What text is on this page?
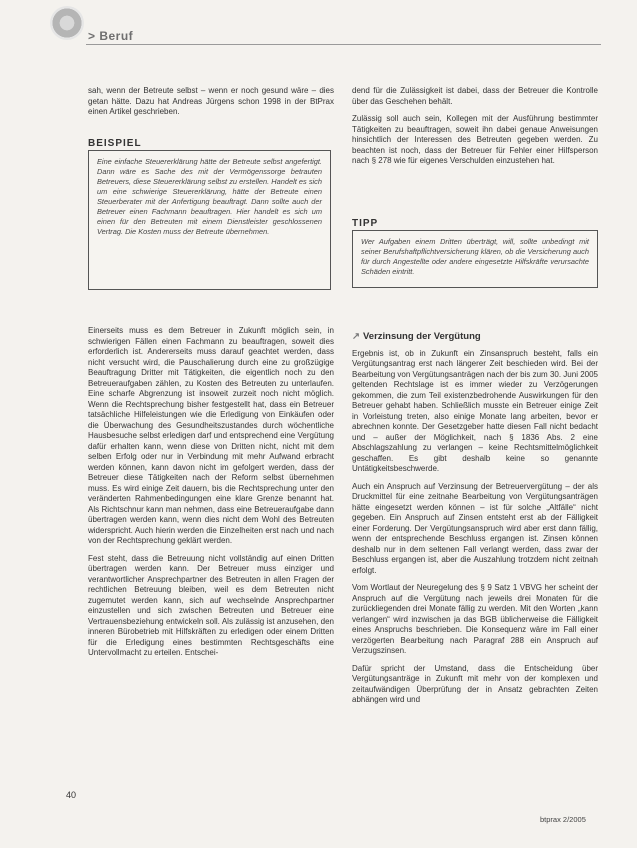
> Beruf

sah, wenn der Betreute selbst – wenn er noch gesund wäre – dies getan hätte. Dazu hat Andreas Jürgens schon 1998 in der BtPrax einen Artikel geschrieben.

BEISPIEL
Eine einfache Steuererklärung hätte der Betreute selbst angefertigt. Dann wäre es Sache des mit der Vermögenssorge betrauten Betreuers, diese Steuererklärung selbst zu erstellen. Handelt es sich um eine schwierige Steuererklärung, hätte der Betreute einen Steuerberater mit der Anfertigung beauftragt. Dann sollte auch der Betreuer einen Fachmann beauftragen. Hier handelt es sich um einen für den Betreuten mit einem Dienstleister geschlossenen Vertrag. Die Kosten muss der Betreute übernehmen.

Einerseits muss es dem Betreuer in Zukunft möglich sein, in schwierigen Fällen einen Fachmann zu beauftragen, soweit dies erforderlich ist. Andererseits muss darauf geachtet werden, dass nicht versucht wird, die Pauschalierung durch eine zu großzügige Beauftragung Dritter mit Tätigkeiten, die eigentlich noch zu den Betreueraufgaben zählen, zu Kosten des Betreuten zu unterlaufen. Eine scharfe Abgrenzung ist insoweit zurzeit noch nicht möglich. Wenn die Rechtsprechung bisher festgestellt hat, dass ein Betreuer tatsächliche Hilfeleistungen wie die Erledigung von Einkäufen oder die Überwachung des Gesundheitszustandes durch wöchentliche Hausbesuche selbst erledigen darf und entsprechend eine Vergütung dafür erhalten kann, wenn diese von Dritten nicht, nicht mit dem selben Erfolg oder nur in Verbindung mit mehr Aufwand erbracht werden können, kann davon nicht im gefolgert werden, dass der Betreuer diese Tätigkeiten nach der Reform selbst übernehmen muss. Es wird einige Zeit dauern, bis die Rechtsprechung unter den veränderten Rahmenbedingungen eine klare Grenze benannt hat. Als Richtschnur kann man nehmen, dass eine Betreueraufgabe dann übertragen werden kann, wenn dies nicht dem Wohl des Betreuten widerspricht. Auch hierin werden die Einzelheiten erst nach und nach von der Rechtsprechung geklärt werden.

Fest steht, dass die Betreuung nicht vollständig auf einen Dritten übertragen werden kann. Der Betreuer muss einziger und verantwortlicher Ansprechpartner des Betreuten in allen Fragen der rechtlichen Betreuung bleiben, weil es dem Betreuten nicht zugemutet werden kann, sich auf wechselnde Ansprechpartner einzustellen und sich zwischen Betreuten und Betreuer eine Vertrauensbeziehung entwickeln soll. Als zulässig ist anzusehen, den inneren Bürobetrieb mit Hilfskräften zu erledigen oder einem Dritten für die Erledigung eines bestimmten Rechtsgeschäfts eine Untervollmacht zu erteilen. Entschei-

dend für die Zulässigkeit ist dabei, dass der Betreuer die Kontrolle über das Geschehen behält.

Zulässig soll auch sein, Kollegen mit der Ausführung bestimmter Tätigkeiten zu beauftragen, soweit ihn dabei genaue Anweisungen hinsichtlich der Interessen des Betreuten gegeben werden. Zu beachten ist noch, dass der Betreuer für Fehler einer Hilfsperson nach § 278 wie für eigenes Verschulden einzustehen hat.

TIPP
Wer Aufgaben einem Dritten überträgt, will, sollte unbedingt mit seiner Berufshaftpflichtversicherung klären, ob die Versicherung auch für durch Angestellte oder andere eingesetzte Hilfskräfte verursachte Schäden eintritt.
↗ Verzinsung der Vergütung

Ergebnis ist, ob in Zukunft ein Zinsanspruch besteht, falls ein Vergütungsantrag erst nach längerer Zeit beschieden wird. Bei der Bearbeitung von Vergütungsanträgen nach der bis zum 30. Juni 2005 geltenden Rechtslage ist es immer wieder zu Verzögerungen gekommen, die zum Teil existenzbedrohende Auswirkungen für den Betreuer gehabt haben. Schließlich musste ein Betreuer einige Zeit in Vorleistung treten, also einige Monate lang arbeiten, bevor er abrechnen konnte. Der Gesetzgeber hatte diesen Fall nicht bedacht und – außer der Möglichkeit, nach § 1836 Abs. 2 eine Abschlagszahlung zu verlangen – keine Rechtsmittelmöglichkeit geschaffen. Es gibt deshalb keine so genannte Untätigkeitsbeschwerde.

Auch ein Anspruch auf Verzinsung der Betreuervergütung – der als Druckmittel für eine zeitnahe Bearbeitung von Vergütungsanträgen hätte eingesetzt werden können – ist für solche „Altfälle“ nicht gegeben. Ein Anspruch auf Zinsen entsteht erst ab der Fälligkeit einer Forderung. Der Vergütungsanspruch wird aber erst dann fällig, wenn der entsprechende Beschluss ergangen ist. Zinsen können deshalb nur in dem seltenen Fall verlangt werden, dass zwar der Beschluss ergangen ist, aber die Auszahlung trotzdem nicht zeitnah erfolgt.

Vom Wortlaut der Neuregelung des § 9 Satz 1 VBVG her scheint der Anspruch auf die Vergütung nach jeweils drei Monaten für die zurückliegenden drei Monate fällig zu werden. Mit den Worten „kann verlangen“ wird inzwischen ja das BGB üblicherweise die Fälligkeit eines Anspruchs beschrieben. Die Konsequenz wäre im Fall einer verzögerten Bearbeitung nach Paragraf 288 ein Anspruch auf Verzugszinsen.

Dafür spricht der Umstand, dass die Entscheidung über Vergütungsanträge in Zukunft mit mehr von der komplexen und zeitaufwändigen Überprüfung der in Ansatz gebrachten Zeiten abhängen wird und

40
btprax 2/2005
